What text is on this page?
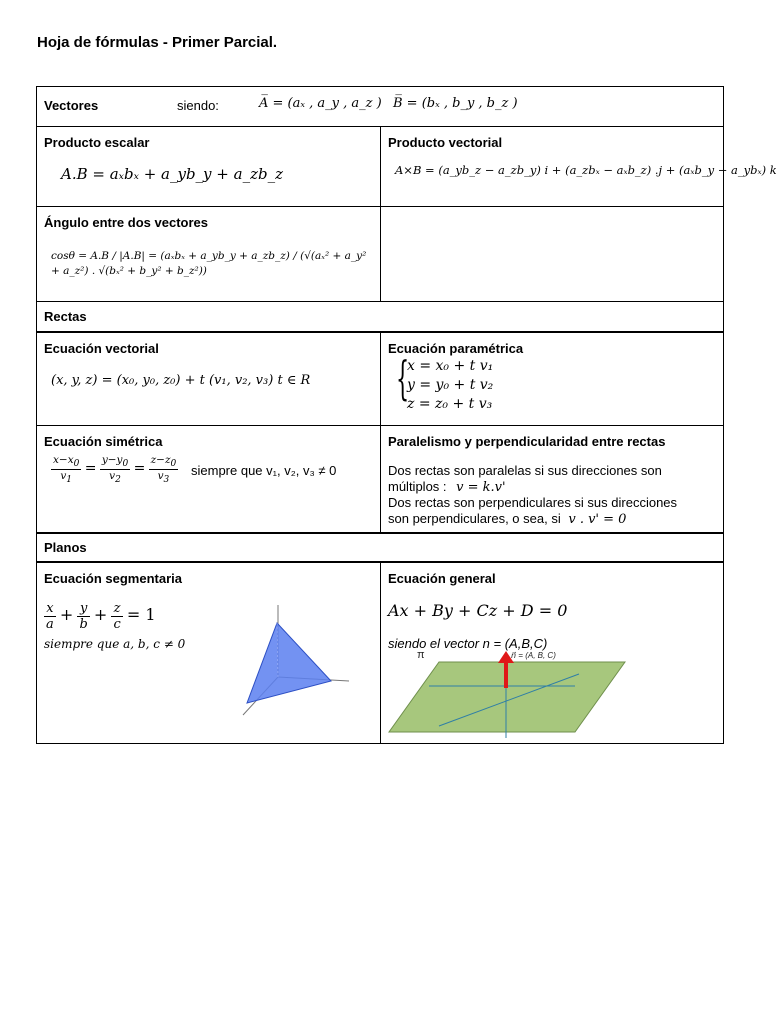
Hoja de fórmulas - Primer Parcial.
Vectores	siendo:	A̅ = (aₓ , a_y , a_z ) B̅ = (bₓ , b_y , b_z )
Producto escalar
A.B = aₓbₓ + a_yb_y + a_zb_z
Producto vectorial
A×B = (a_yb_z − a_zb_y) i + (a_zbₓ − aₓb_z) .j + (aₓb_y − a_ybₓ) k
Ángulo entre dos vectores
cosθ = A.B / |A.B| = (aₓbₓ + a_yb_y + a_zb_z) / (√(aₓ² + a_y² + a_z²) . √(bₓ² + b_y² + b_z²))
Rectas
Ecuación vectorial
(x, y, z) = (x₀, y₀, z₀) + t (v₁, v₂, v₃) t ∈ R
Ecuación paramétrica
{
x = x₀ + t v₁
y = y₀ + t v₂
z = z₀ + t v₃
Ecuación simétrica
$\frac{x-x_0}{v_1} = \frac{y-y_0}{v_2} = \frac{z-z_0}{v_3}$ siempre que v₁, v₂, v₃ ≠ 0
Paralelismo y perpendicularidad entre rectas
Dos rectas son paralelas si sus direcciones son
múltiplos : v = k.v'
Dos rectas son perpendiculares si sus direcciones
son perpendiculares, o sea, si v . v' = 0
Planos
Ecuación segmentaria
$\frac{x}{a} + \frac{y}{b} + \frac{z}{c} = 1$
siempre que a, b, c ≠ 0
Ecuación general
Ax + By + Cz + D = 0
siendo el vector n = (A,B,C)
n⃗ = (A, B, C)
π
